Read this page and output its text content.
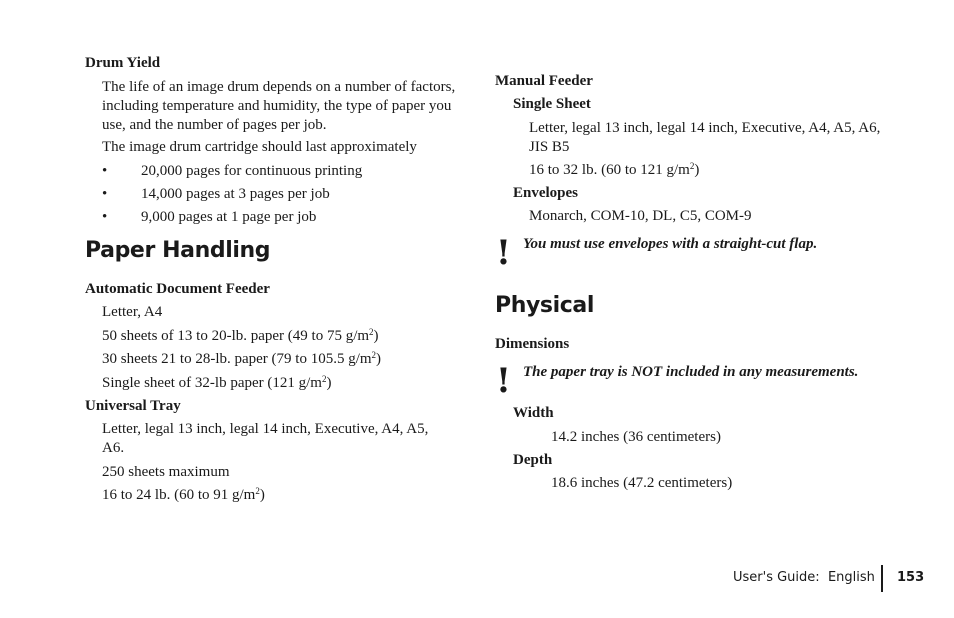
Drum Yield
The life of an image drum depends on a number of factors, including temperature and humidity, the type of paper you use, and the number of pages per job.
The image drum cartridge should last approximately
• 20,000 pages for continuous printing
• 14,000 pages at 3 pages per job
• 9,000 pages at 1 page per job
Paper Handling
Automatic Document Feeder
Letter, A4
50 sheets of 13 to 20-lb. paper (49 to 75 $g/m^2$)
30 sheets 21 to 28-lb. paper (79 to 105.5 $g/m^2$)
Single sheet of 32-lb paper (121 $g/m^2$)
Universal Tray
Letter, legal 13 inch, legal 14 inch, Executive, A4, A5, A6.
250 sheets maximum
16 to 24 lb. (60 to 91 $g/m^2$)
Manual Feeder
Single Sheet
Letter, legal 13 inch, legal 14 inch, Executive, A4, A5, A6, JIS B5
16 to 32 lb. (60 to 121 $g/m^2$)
Envelopes
Monarch, COM-10, DL, C5, COM-9
! You must use envelopes with a straight-cut flap.
Physical
Dimensions
! The paper tray is NOT included in any measurements.
Width
14.2 inches (36 centimeters)
Depth
18.6 inches (47.2 centimeters)
User's Guide: English 153
